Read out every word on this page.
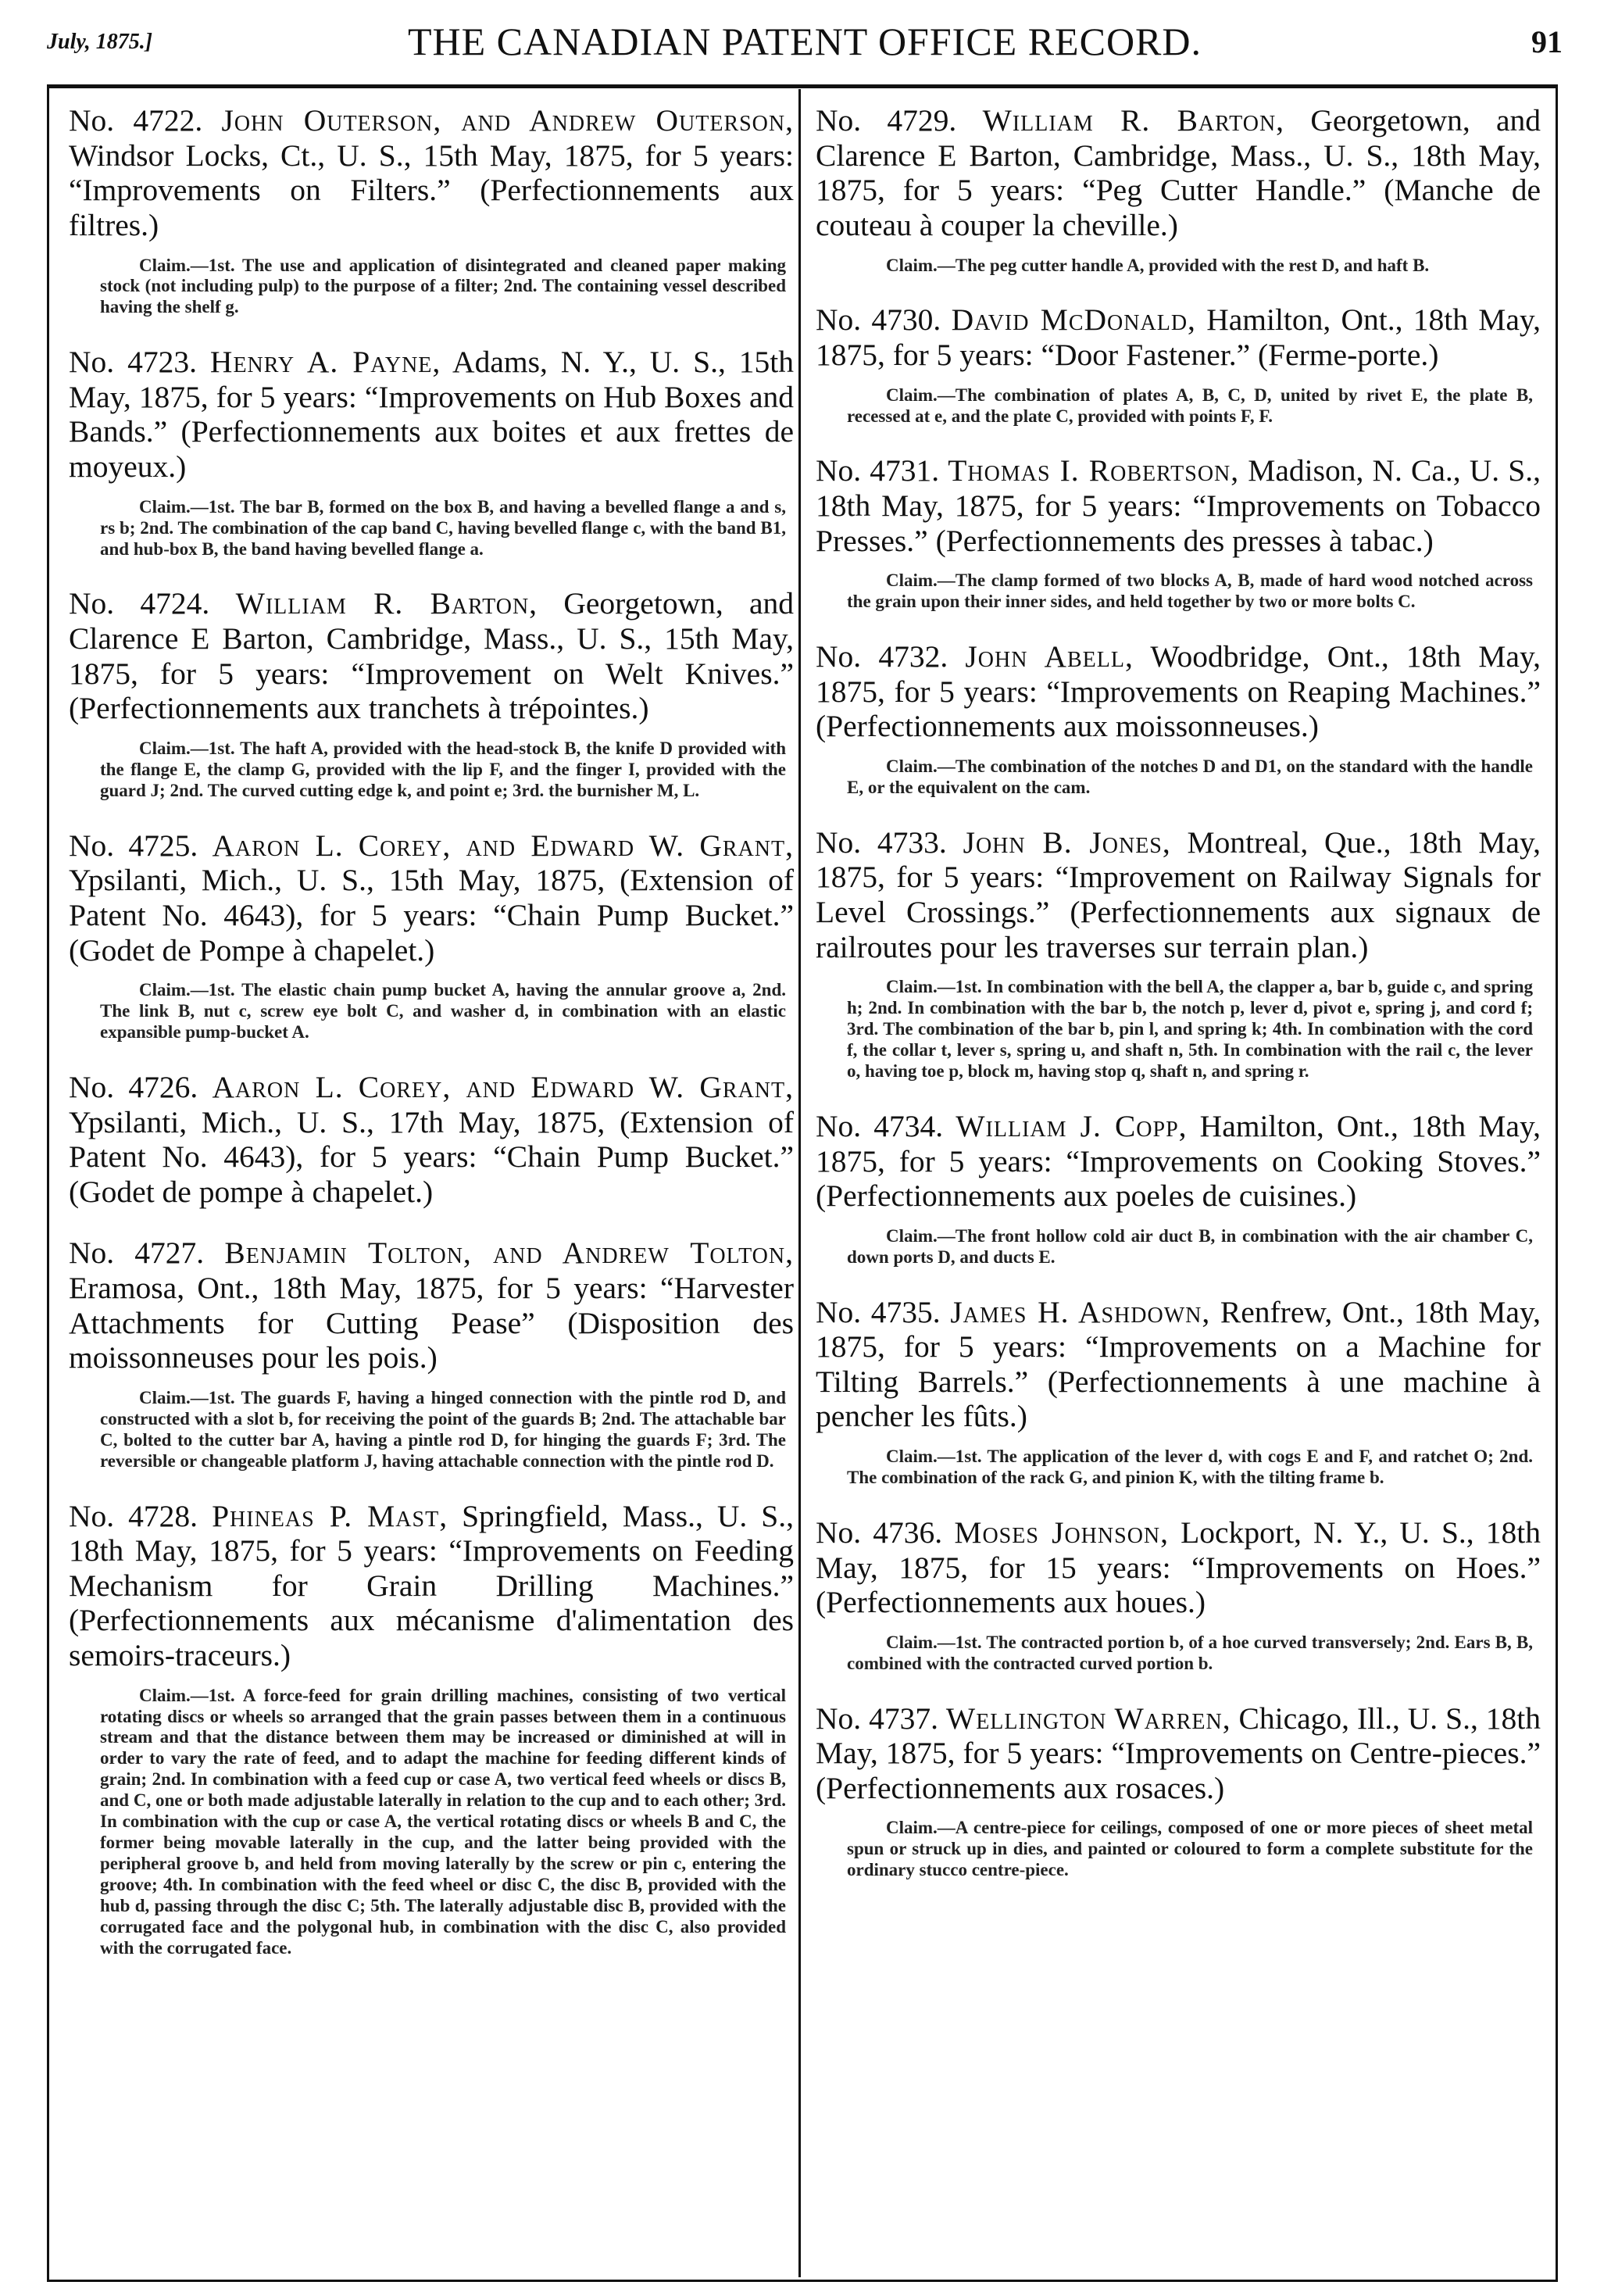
July, 1875.]	THE CANADIAN PATENT OFFICE RECORD.	91

No. 4722. John Outerson, and Andrew Outerson, Windsor Locks, Ct., U. S., 15th May, 1875, for 5 years: “Improvements on Filters.” (Perfectionnements aux filtres.)

Claim.—1st. The use and application of disintegrated and cleaned paper making stock (not including pulp) to the purpose of a filter; 2nd. The containing vessel described having the shelf g.

No. 4723. Henry A. Payne, Adams, N. Y., U. S., 15th May, 1875, for 5 years: “Improvements on Hub Boxes and Bands.” (Perfectionnements aux boites et aux frettes de moyeux.)

Claim.—1st. The bar B, formed on the box B, and having a bevelled flange a and s, rs b; 2nd. The combination of the cap band C, having bevelled flange c, with the band B1, and hub-box B, the band having bevelled flange a.

No. 4724. William R. Barton, Georgetown, and Clarence E Barton, Cambridge, Mass., U. S., 15th May, 1875, for 5 years: “Improvement on Welt Knives.” (Perfectionnements aux tranchets à trépointes.)

Claim.—1st. The haft A, provided with the head-stock B, the knife D provided with the flange E, the clamp G, provided with the lip F, and the finger I, provided with the guard J; 2nd. The curved cutting edge k, and point e; 3rd. the burnisher M, L.

No. 4725. Aaron L. Corey, and Edward W. Grant, Ypsilanti, Mich., U. S., 15th May, 1875, (Extension of Patent No. 4643), for 5 years: “Chain Pump Bucket.” (Godet de Pompe à chapelet.)

Claim.—1st. The elastic chain pump bucket A, having the annular groove a, 2nd. The link B, nut c, screw eye bolt C, and washer d, in combination with an elastic expansible pump-bucket A.

No. 4726. Aaron L. Corey, and Edward W. Grant, Ypsilanti, Mich., U. S., 17th May, 1875, (Extension of Patent No. 4643), for 5 years: “Chain Pump Bucket.” (Godet de pompe à chapelet.)

No. 4727. Benjamin Tolton, and Andrew Tolton, Eramosa, Ont., 18th May, 1875, for 5 years: “Harvester Attachments for Cutting Pease” (Disposition des moissonneuses pour les pois.)

Claim.—1st. The guards F, having a hinged connection with the pintle rod D, and constructed with a slot b, for receiving the point of the guards B; 2nd. The attachable bar C, bolted to the cutter bar A, having a pintle rod D, for hinging the guards F; 3rd. The reversible or changeable platform J, having attachable connection with the pintle rod D.

No. 4728. Phineas P. Mast, Springfield, Mass., U. S., 18th May, 1875, for 5 years: “Improvements on Feeding Mechanism for Grain Drilling Machines.” (Perfectionnements aux mécanisme d'alimentation des semoirs-traceurs.)

Claim.—1st. A force-feed for grain drilling machines, consisting of two vertical rotating discs or wheels so arranged that the grain passes between them in a continuous stream and that the distance between them may be increased or diminished at will in order to vary the rate of feed, and to adapt the machine for feeding different kinds of grain; 2nd. In combination with a feed cup or case A, two vertical feed wheels or discs B, and C, one or both made adjustable laterally in relation to the cup and to each other; 3rd. In combination with the cup or case A, the vertical rotating discs or wheels B and C, the former being movable laterally in the cup, and the latter being provided with the peripheral groove b, and held from moving laterally by the screw or pin c, entering the groove; 4th. In combination with the feed wheel or disc C, the disc B, provided with the hub d, passing through the disc C; 5th. The laterally adjustable disc B, provided with the corrugated face and the polygonal hub, in combination with the disc C, also provided with the corrugated face.

No. 4729. William R. Barton, Georgetown, and Clarence E Barton, Cambridge, Mass., U. S., 18th May, 1875, for 5 years: “Peg Cutter Handle.” (Manche de couteau à couper la cheville.)

Claim.—The peg cutter handle A, provided with the rest D, and haft B.

No. 4730. David McDonald, Hamilton, Ont., 18th May, 1875, for 5 years: “Door Fastener.” (Ferme-porte.)

Claim.—The combination of plates A, B, C, D, united by rivet E, the plate B, recessed at e, and the plate C, provided with points F, F.

No. 4731. Thomas I. Robertson, Madison, N. Ca., U. S., 18th May, 1875, for 5 years: “Improvements on Tobacco Presses.” (Perfectionnements des presses à tabac.)

Claim.—The clamp formed of two blocks A, B, made of hard wood notched across the grain upon their inner sides, and held together by two or more bolts C.

No. 4732. John Abell, Woodbridge, Ont., 18th May, 1875, for 5 years: “Improvements on Reaping Machines.” (Perfectionnements aux moissonneuses.)

Claim.—The combination of the notches D and D1, on the standard with the handle E, or the equivalent on the cam.

No. 4733. John B. Jones, Montreal, Que., 18th May, 1875, for 5 years: “Improvement on Railway Signals for Level Crossings.” (Perfectionnements aux signaux de railroutes pour les traverses sur terrain plan.)

Claim.—1st. In combination with the bell A, the clapper a, bar b, guide c, and spring h; 2nd. In combination with the bar b, the notch p, lever d, pivot e, spring j, and cord f; 3rd. The combination of the bar b, pin l, and spring k; 4th. In combination with the cord f, the collar t, lever s, spring u, and shaft n, 5th. In combination with the rail c, the lever o, having toe p, block m, having stop q, shaft n, and spring r.

No. 4734. William J. Copp, Hamilton, Ont., 18th May, 1875, for 5 years: “Improvements on Cooking Stoves.” (Perfectionnements aux poeles de cuisines.)

Claim.—The front hollow cold air duct B, in combination with the air chamber C, down ports D, and ducts E.

No. 4735. James H. Ashdown, Renfrew, Ont., 18th May, 1875, for 5 years: “Improvements on a Machine for Tilting Barrels.” (Perfectionnements à une machine à pencher les fûts.)

Claim.—1st. The application of the lever d, with cogs E and F, and ratchet O; 2nd. The combination of the rack G, and pinion K, with the tilting frame b.

No. 4736. Moses Johnson, Lockport, N. Y., U. S., 18th May, 1875, for 15 years: “Improvements on Hoes.” (Perfectionnements aux houes.)

Claim.—1st. The contracted portion b, of a hoe curved transversely; 2nd. Ears B, B, combined with the contracted curved portion b.

No. 4737. Wellington Warren, Chicago, Ill., U. S., 18th May, 1875, for 5 years: “Improvements on Centre-pieces.” (Perfectionnements aux rosaces.)

Claim.—A centre-piece for ceilings, composed of one or more pieces of sheet metal spun or struck up in dies, and painted or coloured to form a complete substitute for the ordinary stucco centre-piece.
